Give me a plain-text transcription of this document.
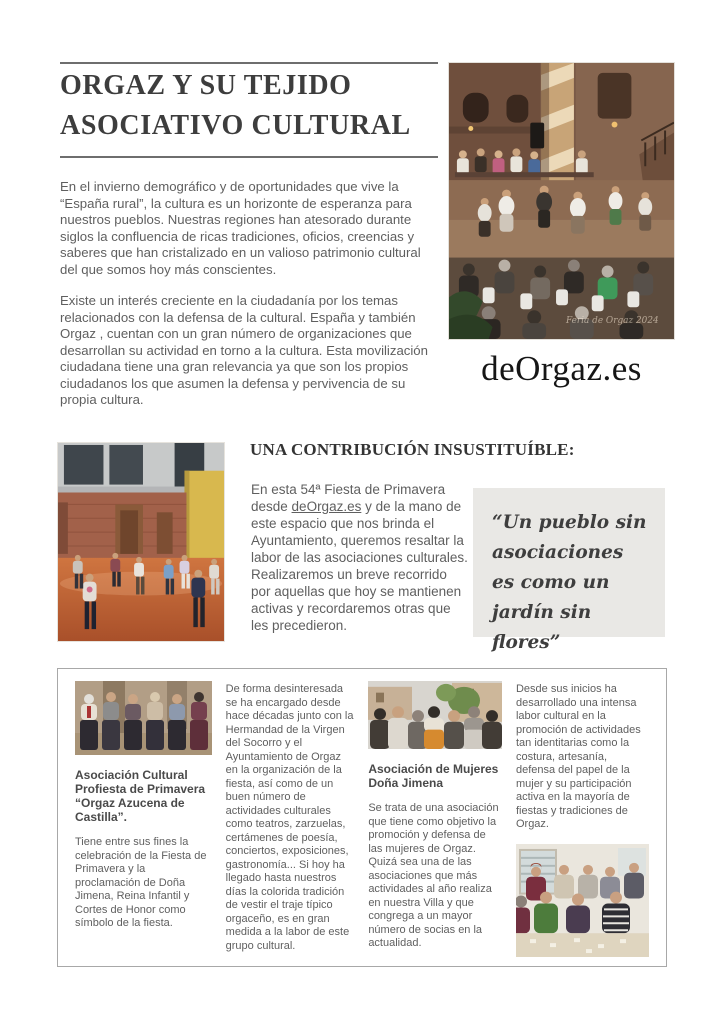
ORGAZ Y SU TEJIDO ASOCIATIVO CULTURAL

En el invierno demográfico y de oportunidades que vive la “España rural”, la cultura es un horizonte de esperanza para nuestros pueblos. Nuestras regiones han atesorado durante siglos la confluencia de ricas tradiciones, oficios, creencias y saberes que han cristalizado en un valioso patrimonio cultural del que somos hoy más conscientes.

Existe un interés creciente en la ciudadanía por los temas relacionados con la defensa de la cultural. España y también Orgaz , cuentan con un gran número de organizaciones que desarrollan su actividad en torno a la cultura. Esta movilización ciudadana tiene una gran relevancia ya que son los propios ciudadanos los que asumen la defensa y pervivencia de su propia cultura.

Feria de Orgaz 2024
deOrgaz.es
UNA CONTRIBUCIÓN INSUSTITUÍBLE:

En esta 54ª Fiesta de Primavera desde deOrgaz.es y de la mano de este espacio que nos brinda el Ayuntamiento, queremos resaltar la labor de las asociaciones culturales. Realizaremos un breve recorrido por aquellas que hoy se mantienen activas y recordaremos otras que les precedieron.

“Un pueblo sin asociaciones es como un jardín sin flores”

Asociación Cultural Profiesta de Primavera “Orgaz Azucena de Castilla”.

Tiene entre sus fines la celebración de la Fiesta de Primavera y la proclamación de Doña Jimena, Reina Infantil y Cortes de Honor como símbolo de la fiesta.

De forma desinteresada se ha encargado desde hace décadas junto con la Hermandad de la Virgen del Socorro y el Ayuntamiento de Orgaz en la organización de la fiesta, así como de un buen número de actividades culturales como teatros, zarzuelas, certámenes de poesía, conciertos, exposiciones, gastronomía... Si hoy ha llegado hasta nuestros días la colorida tradición de vestir el traje típico orgaceño, es en gran medida a la labor de este grupo cultural.

Asociación de Mujeres Doña Jimena

Se trata de una asociación que tiene como objetivo la promoción y defensa de las mujeres de Orgaz. Quizá sea una de las asociaciones que más actividades al año realiza en nuestra Villa y que congrega a un mayor número de socias en la actualidad.

Desde sus inicios ha desarrollado una intensa labor cultural en la promoción de actividades tan identitarias como la costura, artesanía, defensa del papel de la mujer y su participación activa en la mayoría de fiestas y tradiciones de Orgaz.
